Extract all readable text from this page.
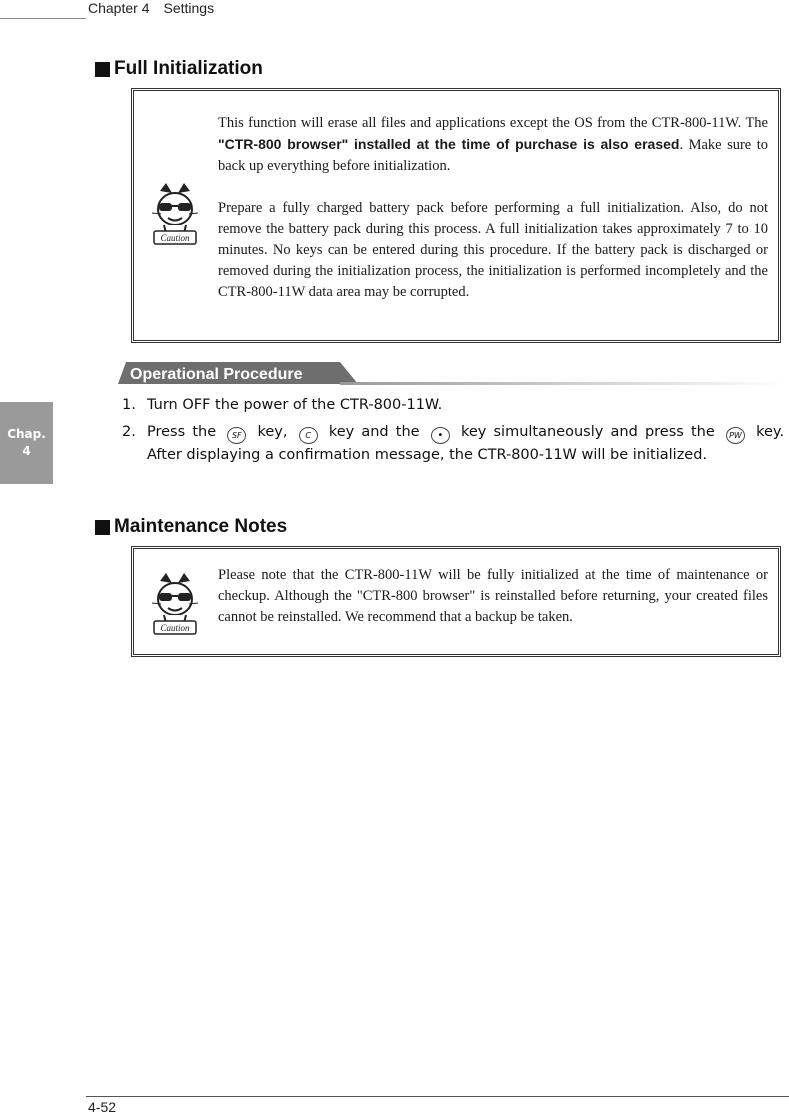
Chapter 4 Settings
Chap.
4
Full Initialization
Caution

This function will erase all files and applications except the OS from the CTR-800-11W. The "CTR-800 browser" installed at the time of purchase is also erased. Make sure to back up everything before initialization.

Prepare a fully charged battery pack before performing a full initialization. Also, do not remove the battery pack during this process. A full initialization takes approximately 7 to 10 minutes. No keys can be entered during this procedure. If the battery pack is discharged or removed during the initialization process, the initialization is performed incompletely and the CTR-800-11W data area may be corrupted.

Operational Procedure
1. Turn OFF the power of the CTR-800-11W.
2. Press the SF key, C key and the • key simultaneously and press the PW key. After displaying a confirmation message, the CTR-800-11W will be initialized.
Maintenance Notes
Caution

Please note that the CTR-800-11W will be fully initialized at the time of maintenance or checkup. Although the "CTR-800 browser" is reinstalled before returning, your created files cannot be reinstalled. We recommend that a backup be taken.

4-52
